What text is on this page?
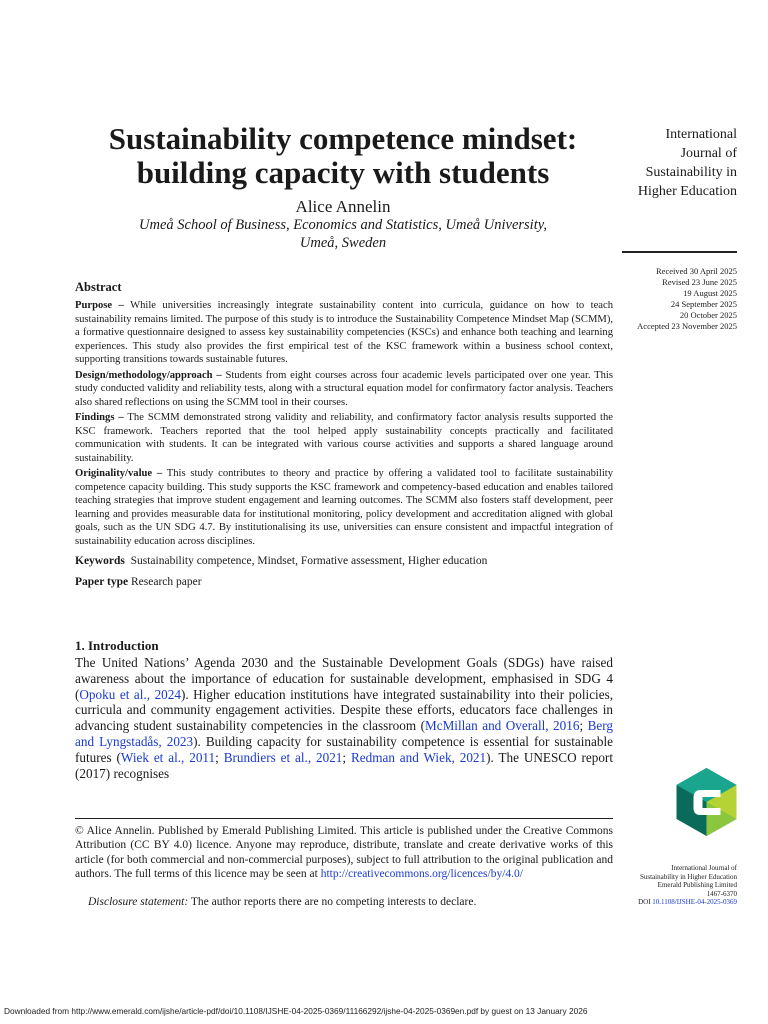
Sustainability competence mindset:
building capacity with students
Alice Annelin
Umeå School of Business, Economics and Statistics, Umeå University,
Umeå, Sweden
International
Journal of
Sustainability in
Higher Education
Received 30 April 2025
Revised 23 June 2025
19 August 2025
24 September 2025
20 October 2025
Accepted 23 November 2025
Abstract

Purpose – While universities increasingly integrate sustainability content into curricula, guidance on how to teach sustainability remains limited. The purpose of this study is to introduce the Sustainability Competence Mindset Map (SCMM), a formative questionnaire designed to assess key sustainability competencies (KSCs) and enhance both teaching and learning experiences. This study also provides the first empirical test of the KSC framework within a business school context, supporting transitions towards sustainable futures.

Design/methodology/approach – Students from eight courses across four academic levels participated over one year. This study conducted validity and reliability tests, along with a structural equation model for confirmatory factor analysis. Teachers also shared reflections on using the SCMM tool in their courses.

Findings – The SCMM demonstrated strong validity and reliability, and confirmatory factor analysis results supported the KSC framework. Teachers reported that the tool helped apply sustainability concepts practically and facilitated communication with students. It can be integrated with various course activities and supports a shared language around sustainability.

Originality/value – This study contributes to theory and practice by offering a validated tool to facilitate sustainability competence capacity building. This study supports the KSC framework and competency-based education and enables tailored teaching strategies that improve student engagement and learning outcomes. The SCMM also fosters staff development, peer learning and provides measurable data for institutional monitoring, policy development and accreditation aligned with global goals, such as the UN SDG 4.7. By institutionalising its use, universities can ensure consistent and impactful integration of sustainability education across disciplines.

Keywords Sustainability competence, Mindset, Formative assessment, Higher education

Paper type Research paper

1. Introduction

The United Nations’ Agenda 2030 and the Sustainable Development Goals (SDGs) have raised awareness about the importance of education for sustainable development, emphasised in SDG 4 (Opoku et al., 2024). Higher education institutions have integrated sustainability into their policies, curricula and community engagement activities. Despite these efforts, educators face challenges in advancing student sustainability competencies in the classroom (McMillan and Overall, 2016; Berg and Lyngstadås, 2023). Building capacity for sustainability competence is essential for sustainable futures (Wiek et al., 2011; Brundiers et al., 2021; Redman and Wiek, 2021). The UNESCO report (2017) recognises

© Alice Annelin. Published by Emerald Publishing Limited. This article is published under the Creative Commons Attribution (CC BY 4.0) licence. Anyone may reproduce, distribute, translate and create derivative works of this article (for both commercial and non-commercial purposes), subject to full attribution to the original publication and authors. The full terms of this licence may be seen at http://creativecommons.org/licences/by/4.0/

Disclosure statement: The author reports there are no competing interests to declare.
International Journal of
Sustainability in Higher Education
Emerald Publishing Limited
1467-6370
DOI 10.1108/IJSHE-04-2025-0369
Downloaded from http://www.emerald.com/ijshe/article-pdf/doi/10.1108/IJSHE-04-2025-0369/11166292/ijshe-04-2025-0369en.pdf by guest on 13 January 2026
